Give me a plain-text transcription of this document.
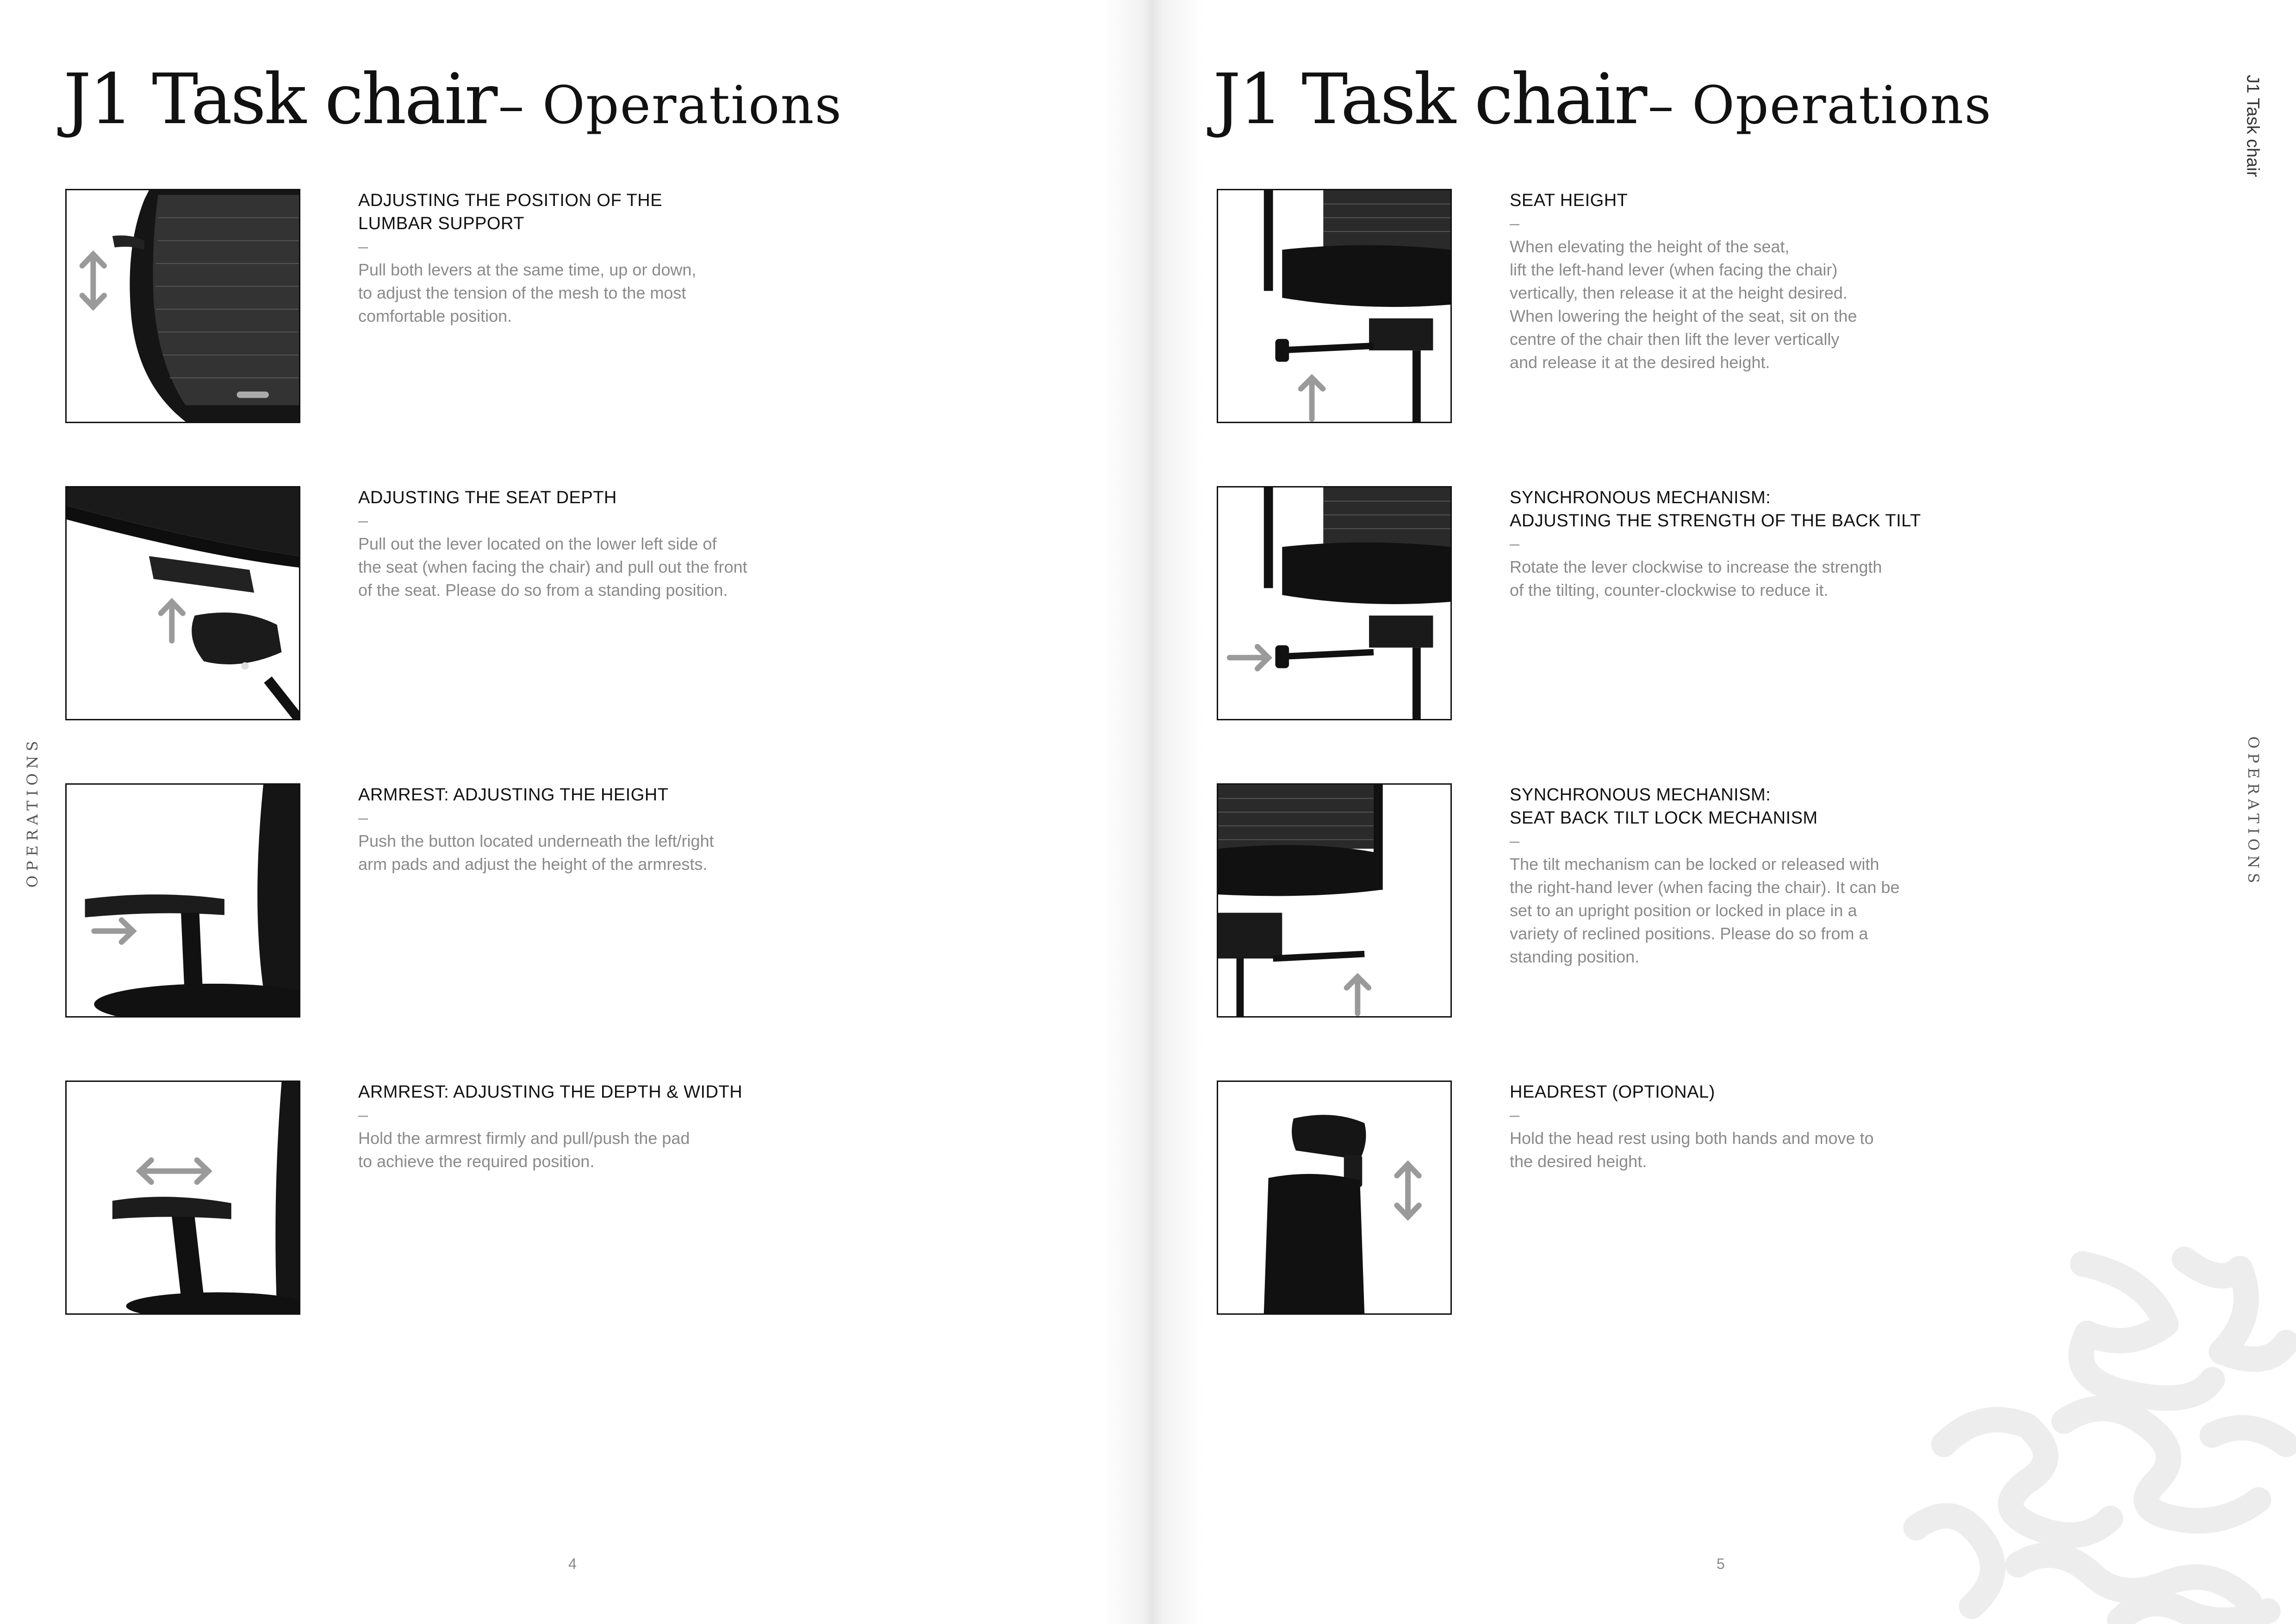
J1 Task chair – Operations
ADJUSTING THE POSITION OF THE
LUMBAR SUPPORT
–
Pull both levers at the same time, up or down,
to adjust the tension of the mesh to the most
comfortable position.
ADJUSTING THE SEAT DEPTH
–
Pull out the lever located on the lower left side of
the seat (when facing the chair) and pull out the front
of the seat. Please do so from a standing position.
ARMREST: ADJUSTING THE HEIGHT
–
Push the button located underneath the left/right
arm pads and adjust the height of the armrests.
ARMREST: ADJUSTING THE DEPTH & WIDTH
–
Hold the armrest firmly and pull/push the pad
to achieve the required position.
OPERATIONS
4
J1 Task chair – Operations
SEAT HEIGHT
–
When elevating the height of the seat,
lift the left-hand lever (when facing the chair)
vertically, then release it at the height desired.
When lowering the height of the seat, sit on the
centre of the chair then lift the lever vertically
and release it at the desired height.
SYNCHRONOUS MECHANISM:
ADJUSTING THE STRENGTH OF THE BACK TILT
–
Rotate the lever clockwise to increase the strength
of the tilting, counter-clockwise to reduce it.
SYNCHRONOUS MECHANISM:
SEAT BACK TILT LOCK MECHANISM
–
The tilt mechanism can be locked or released with
the right-hand lever (when facing the chair). It can be
set to an upright position or locked in place in a
variety of reclined positions. Please do so from a
standing position.
HEADREST (OPTIONAL)
–
Hold the head rest using both hands and move to
the desired height.
J1 Task chair
OPERATIONS
5
